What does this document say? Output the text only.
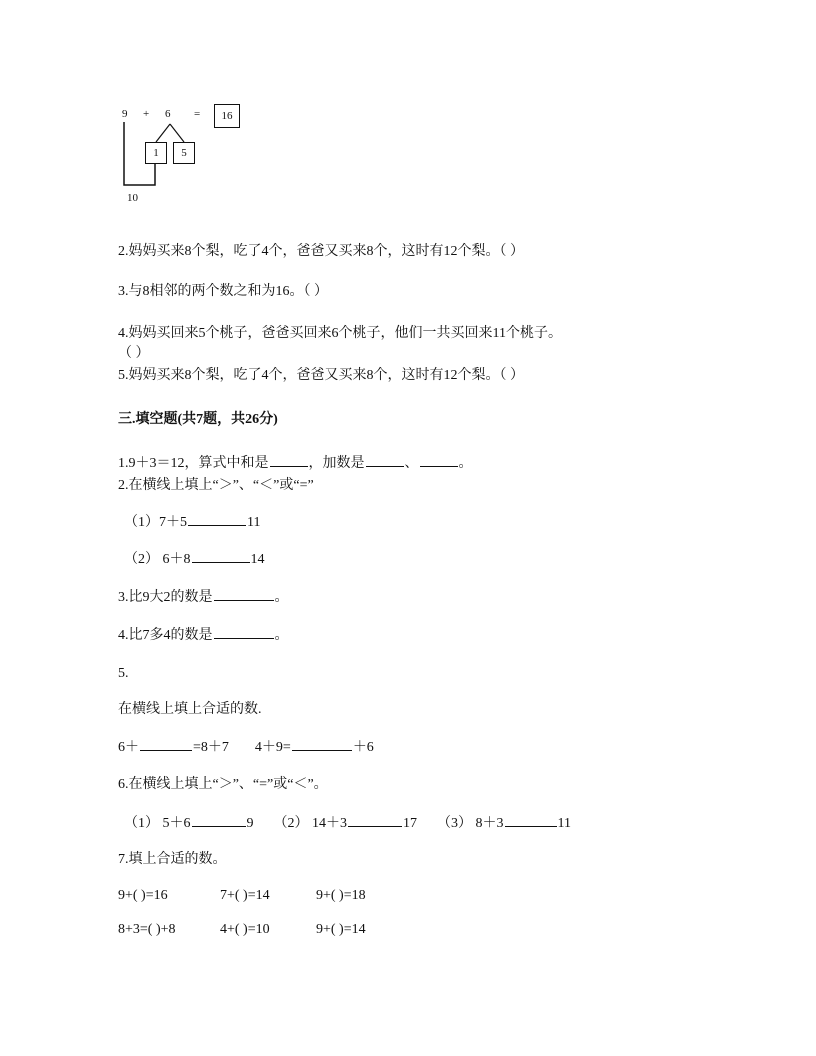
9 + 6 =	16
1	5
10
2.妈妈买来8个梨，吃了4个，爸爸又买来8个，这时有12个梨。（ ）
3.与8相邻的两个数之和为16。（ ）
4.妈妈买回来5个桃子，爸爸买回来6个桃子，他们一共买回来11个桃子。
（ ）
5.妈妈买来8个梨，吃了4个，爸爸又买来8个，这时有12个梨。（ ）
三.填空题(共7题，共26分)
1.9＋3＝12，算式中和是	，加数是	、	。
2.在横线上填上“＞”、“＜”或“=”
（1）7＋5	11
（2） 6＋8	14
3.比9大2的数是	。
4.比7多4的数是	。
5.
在横线上填上合适的数.
6＋	=8＋7 4＋9=	＋6
6.在横线上填上“＞”、“=”或“＜”。
（1） 5＋6	9 （2） 14＋3	17 （3） 8＋3	11
7.填上合适的数。
9+( )=16	7+( )=14	9+( )=18
8+3=( )+8	4+( )=10	9+( )=14
